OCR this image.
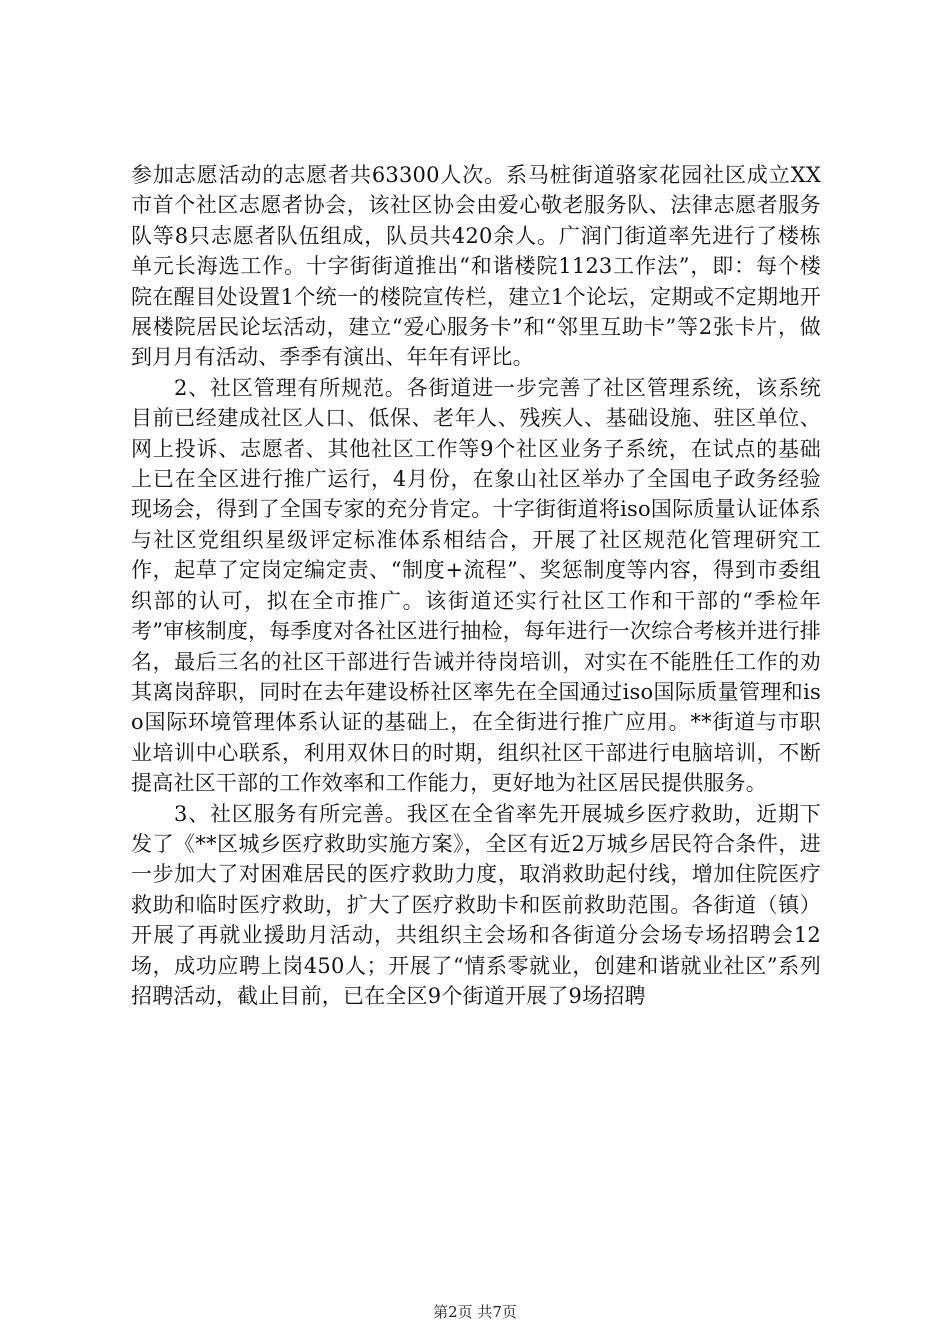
参加志愿活动的志愿者共63300人次。系马桩街道骆家花园社区成立XX市首个社区志愿者协会，该社区协会由爱心敬老服务队、法律志愿者服务队等8只志愿者队伍组成，队员共420余人。广润门街道率先进行了楼栋单元长海选工作。十字街街道推出“和谐楼院1123工作法”，即：每个楼院在醒目处设置1个统一的楼院宣传栏，建立1个论坛，定期或不定期地开展楼院居民论坛活动，建立“爱心服务卡”和“邻里互助卡”等2张卡片，做到月月有活动、季季有演出、年年有评比。

2、社区管理有所规范。各街道进一步完善了社区管理系统，该系统目前已经建成社区人口、低保、老年人、残疾人、基础设施、驻区单位、网上投诉、志愿者、其他社区工作等9个社区业务子系统，在试点的基础上已在全区进行推广运行，4月份，在象山社区举办了全国电子政务经验现场会，得到了全国专家的充分肯定。十字街街道将iso国际质量认证体系与社区党组织星级评定标准体系相结合，开展了社区规范化管理研究工作，起草了定岗定编定责、“制度+流程”、奖惩制度等内容，得到市委组织部的认可，拟在全市推广。该街道还实行社区工作和干部的“季检年考”审核制度，每季度对各社区进行抽检，每年进行一次综合考核并进行排名，最后三名的社区干部进行告诫并待岗培训，对实在不能胜任工作的劝其离岗辞职，同时在去年建设桥社区率先在全国通过iso国际质量管理和iso国际环境管理体系认证的基础上，在全街进行推广应用。**街道与市职业培训中心联系，利用双休日的时期，组织社区干部进行电脑培训，不断提高社区干部的工作效率和工作能力，更好地为社区居民提供服务。

3、社区服务有所完善。我区在全省率先开展城乡医疗救助，近期下发了《**区城乡医疗救助实施方案》，全区有近2万城乡居民符合条件，进一步加大了对困难居民的医疗救助力度，取消救助起付线，增加住院医疗救助和临时医疗救助，扩大了医疗救助卡和医前救助范围。各街道（镇）开展了再就业援助月活动，共组织主会场和各街道分会场专场招聘会12场，成功应聘上岗450人；开展了“情系零就业，创建和谐就业社区”系列招聘活动，截止目前，已在全区9个街道开展了9场招聘

第2页 共7页
